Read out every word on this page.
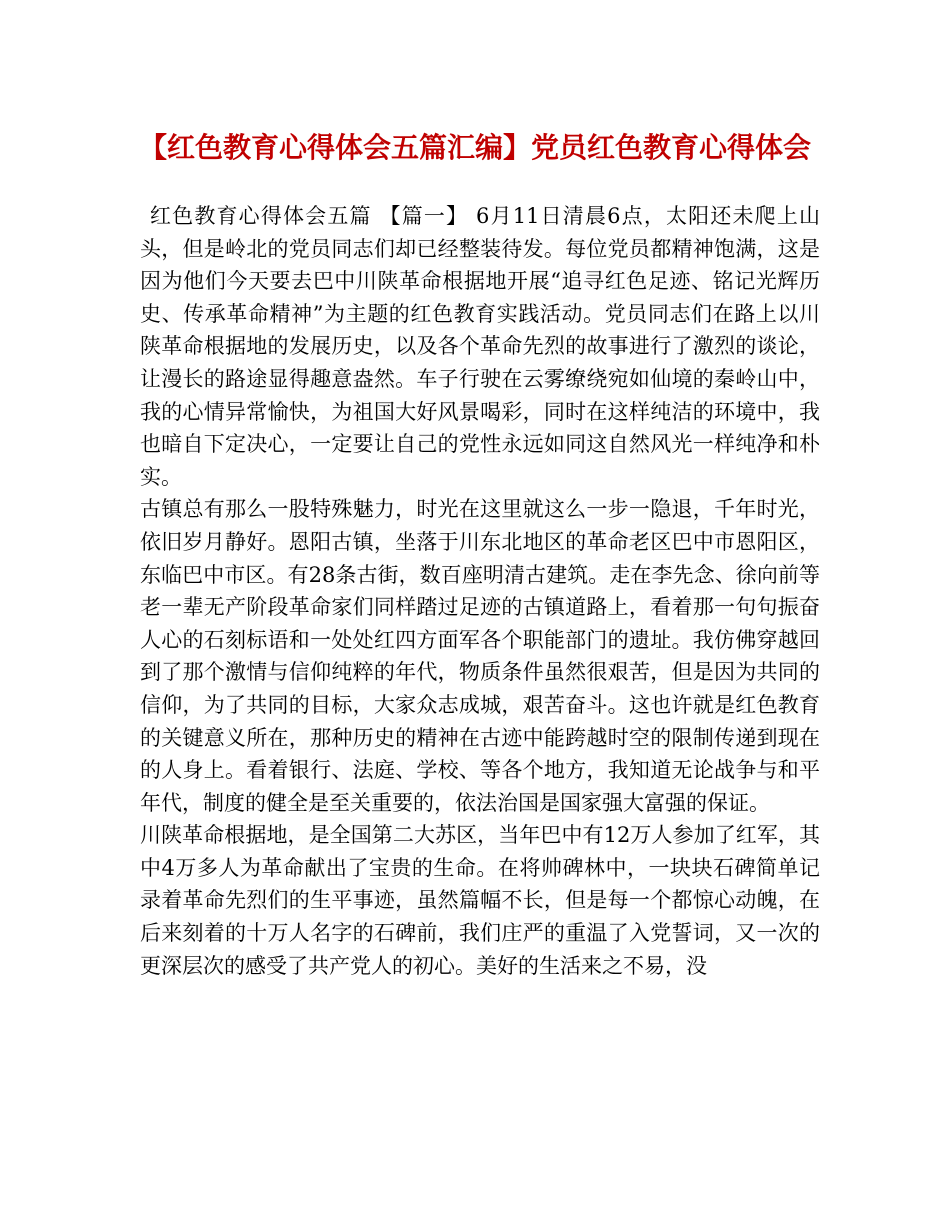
【红色教育心得体会五篇汇编】党员红色教育心得体会

红色教育心得体会五篇 【篇一】 6月11日清晨6点，太阳还未爬上山头，但是岭北的党员同志们却已经整装待发。每位党员都精神饱满，这是因为他们今天要去巴中川陕革命根据地开展“追寻红色足迹、铭记光辉历史、传承革命精神”为主题的红色教育实践活动。党员同志们在路上以川陕革命根据地的发展历史，以及各个革命先烈的故事进行了激烈的谈论，让漫长的路途显得趣意盎然。车子行驶在云雾缭绕宛如仙境的秦岭山中，我的心情异常愉快，为祖国大好风景喝彩，同时在这样纯洁的环境中，我也暗自下定决心，一定要让自己的党性永远如同这自然风光一样纯净和朴实。

古镇总有那么一股特殊魅力，时光在这里就这么一步一隐退，千年时光，依旧岁月静好。恩阳古镇，坐落于川东北地区的革命老区巴中市恩阳区，东临巴中市区。有28条古街，数百座明清古建筑。走在李先念、徐向前等老一辈无产阶段革命家们同样踏过足迹的古镇道路上，看着那一句句振奋人心的石刻标语和一处处红四方面军各个职能部门的遗址。我仿佛穿越回到了那个激情与信仰纯粹的年代，物质条件虽然很艰苦，但是因为共同的信仰，为了共同的目标，大家众志成城，艰苦奋斗。这也许就是红色教育的关键意义所在，那种历史的精神在古迹中能跨越时空的限制传递到现在的人身上。看着银行、法庭、学校、等各个地方，我知道无论战争与和平年代，制度的健全是至关重要的，依法治国是国家强大富强的保证。

川陕革命根据地，是全国第二大苏区，当年巴中有12万人参加了红军，其中4万多人为革命献出了宝贵的生命。在将帅碑林中，一块块石碑简单记录着革命先烈们的生平事迹，虽然篇幅不长，但是每一个都惊心动魄，在后来刻着的十万人名字的石碑前，我们庄严的重温了入党誓词，又一次的更深层次的感受了共产党人的初心。美好的生活来之不易，没
